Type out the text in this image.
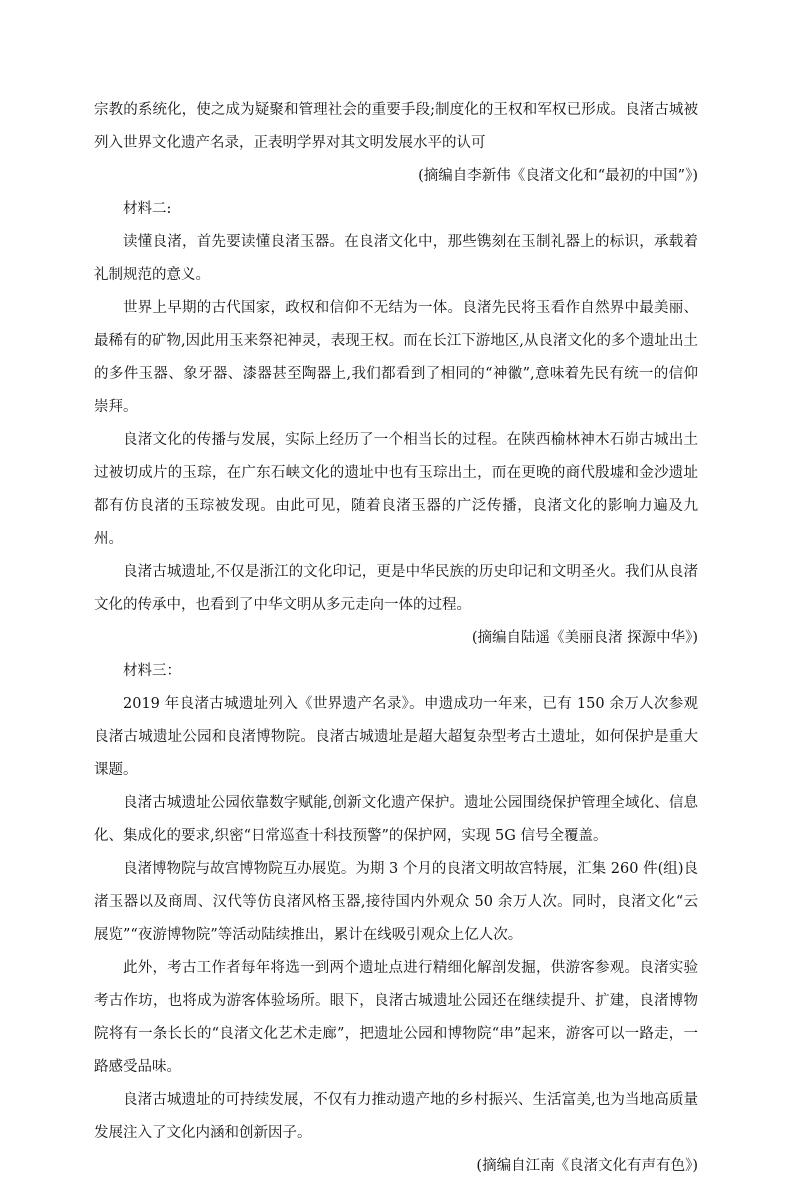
宗教的系统化，使之成为疑聚和管理社会的重要手段;制度化的王权和军权已形成。良渚古城被列入世界文化遗产名录，正表明学界对其文明发展水平的认可

(摘编自李新伟《良渚文化和“最初的中国”》)

材料二:

读懂良渚，首先要读懂良渚玉器。在良渚文化中，那些镌刻在玉制礼器上的标识，承载着礼制规范的意义。

世界上早期的古代国家，政权和信仰不无结为一体。良渚先民将玉看作自然界中最美丽、最稀有的矿物,因此用玉来祭祀神灵，表现王权。而在长江下游地区,从良渚文化的多个遗址出土的多件玉器、象牙器、漆器甚至陶器上,我们都看到了相同的“神徽”,意味着先民有统一的信仰崇拜。

良渚文化的传播与发展，实际上经历了一个相当长的过程。在陕西榆林神木石峁古城出土过被切成片的玉琮，在广东石峡文化的遗址中也有玉琮出土，而在更晚的商代殷墟和金沙遗址都有仿良渚的玉琮被发现。由此可见，随着良渚玉器的广泛传播，良渚文化的影响力遍及九州。

良渚古城遗址,不仅是浙江的文化印记，更是中华民族的历史印记和文明圣火。我们从良渚文化的传承中，也看到了中华文明从多元走向一体的过程。

(摘编自陆遥《美丽良渚 探源中华》)

材料三：

2019 年良渚古城遗址列入《世界遗产名录》。申遗成功一年来，已有 150 余万人次参观良渚古城遗址公园和良渚博物院。良渚古城遗址是超大超复杂型考古土遗址，如何保护是重大课题。

良渚古城遗址公园依靠数字赋能,创新文化遗产保护。遗址公园围绕保护管理全域化、信息化、集成化的要求,织密“日常巡查十科技预警”的保护网，实现 5G 信号全覆盖。

良渚博物院与故宫博物院互办展览。为期 3 个月的良渚文明故宫特展，汇集 260 件(组)良渚玉器以及商周、汉代等仿良渚风格玉器,接待国内外观众 50 余万人次。同时，良渚文化“云展览”“夜游博物院”等活动陆续推出，累计在线吸引观众上亿人次。

此外，考古工作者每年将选一到两个遗址点进行精细化解剖发掘，供游客参观。良渚实验考古作坊，也将成为游客体验场所。眼下，良渚古城遗址公园还在继续提升、扩建，良渚博物院将有一条长长的“良渚文化艺术走廊”，把遗址公园和博物院“串”起来，游客可以一路走，一路感受品味。

良渚古城遗址的可持续发展，不仅有力推动遗产地的乡村振兴、生活富美,也为当地高质量发展注入了文化内涵和创新因子。

(摘编自江南《良渚文化有声有色》)
